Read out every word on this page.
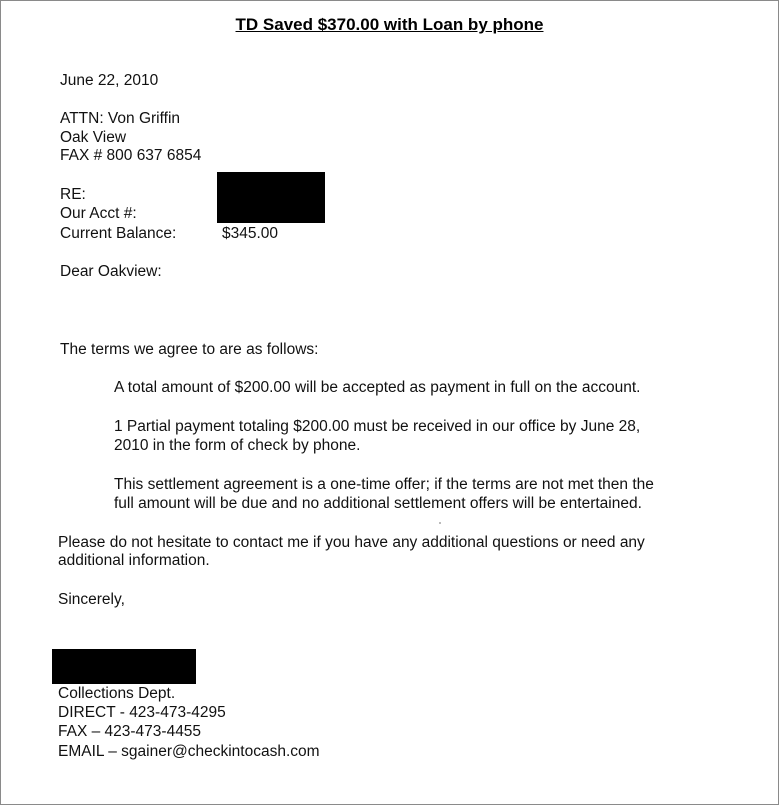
TD Saved $370.00 with Loan by phone
June 22, 2010
ATTN: Von Griffin
Oak View
FAX # 800 637 6854
RE:
Our Acct #:
Current Balance:	$345.00
Dear Oakview:
The terms we agree to are as follows:
A total amount of $200.00 will be accepted as payment in full on the account.
1 Partial payment totaling $200.00 must be received in our office by June 28,
2010 in the form of check by phone.
This settlement agreement is a one-time offer; if the terms are not met then the
full amount will be due and no additional settlement offers will be entertained.
Please do not hesitate to contact me if you have any additional questions or need any
additional information.
Sincerely,
Collections Dept.
DIRECT - 423-473-4295
FAX – 423-473-4455
EMAIL – sgainer@checkintocash.com
